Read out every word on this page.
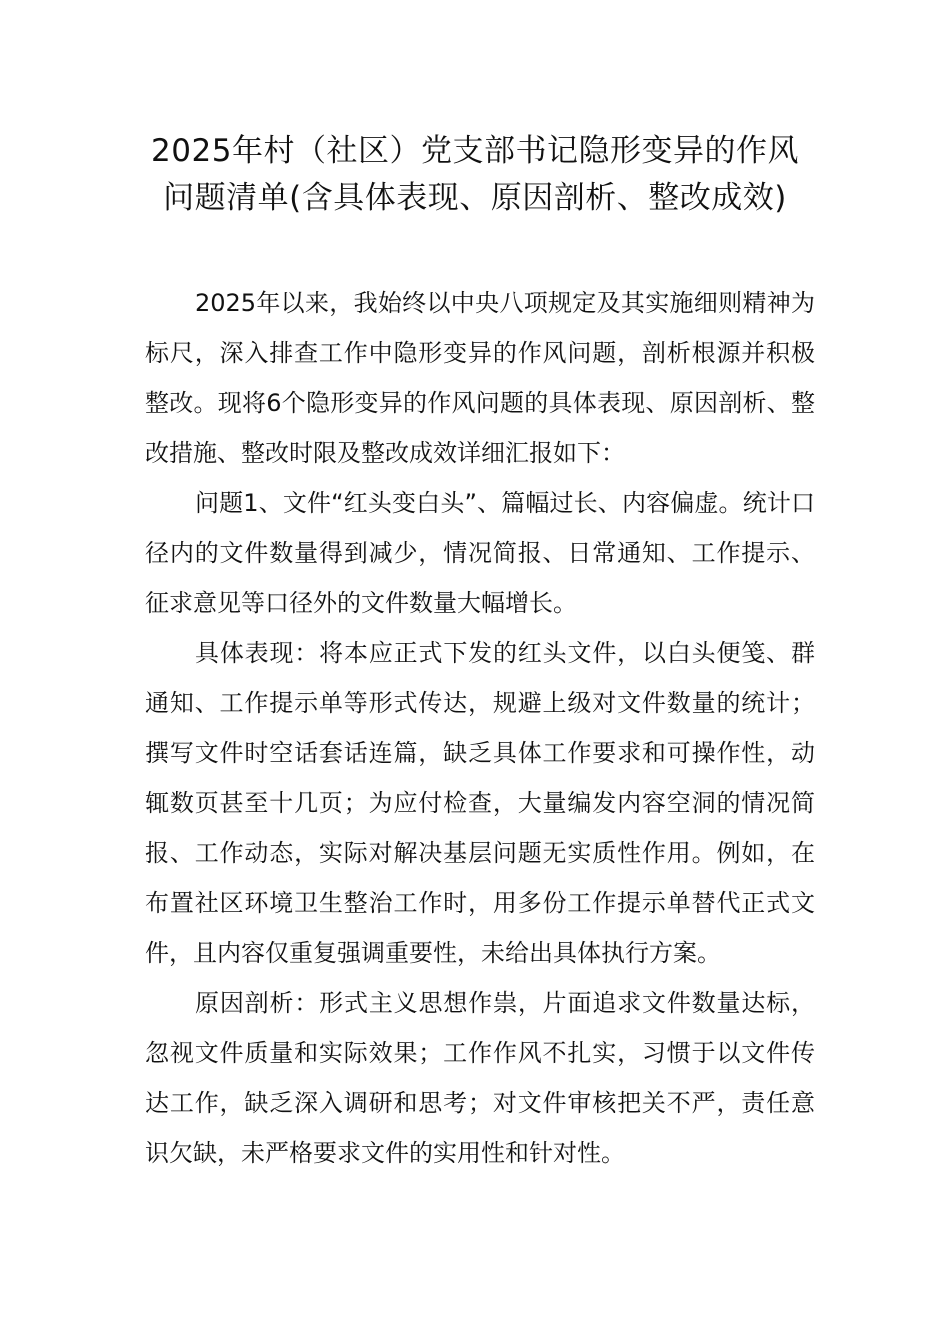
2025年村（社区）党支部书记隐形变异的作风问题清单(含具体表现、原因剖析、整改成效)

2025年以来，我始终以中央八项规定及其实施细则精神为标尺，深入排查工作中隐形变异的作风问题，剖析根源并积极整改。现将6个隐形变异的作风问题的具体表现、原因剖析、整改措施、整改时限及整改成效详细汇报如下：

问题1、文件“红头变白头”、篇幅过长、内容偏虚。统计口径内的文件数量得到减少，情况简报、日常通知、工作提示、征求意见等口径外的文件数量大幅增长。

具体表现：将本应正式下发的红头文件，以白头便笺、群通知、工作提示单等形式传达，规避上级对文件数量的统计；撰写文件时空话套话连篇，缺乏具体工作要求和可操作性，动辄数页甚至十几页；为应付检查，大量编发内容空洞的情况简报、工作动态，实际对解决基层问题无实质性作用。例如，在布置社区环境卫生整治工作时，用多份工作提示单替代正式文件，且内容仅重复强调重要性，未给出具体执行方案。

原因剖析：形式主义思想作祟，片面追求文件数量达标，忽视文件质量和实际效果；工作作风不扎实，习惯于以文件传达工作，缺乏深入调研和思考；对文件审核把关不严，责任意识欠缺，未严格要求文件的实用性和针对性。
